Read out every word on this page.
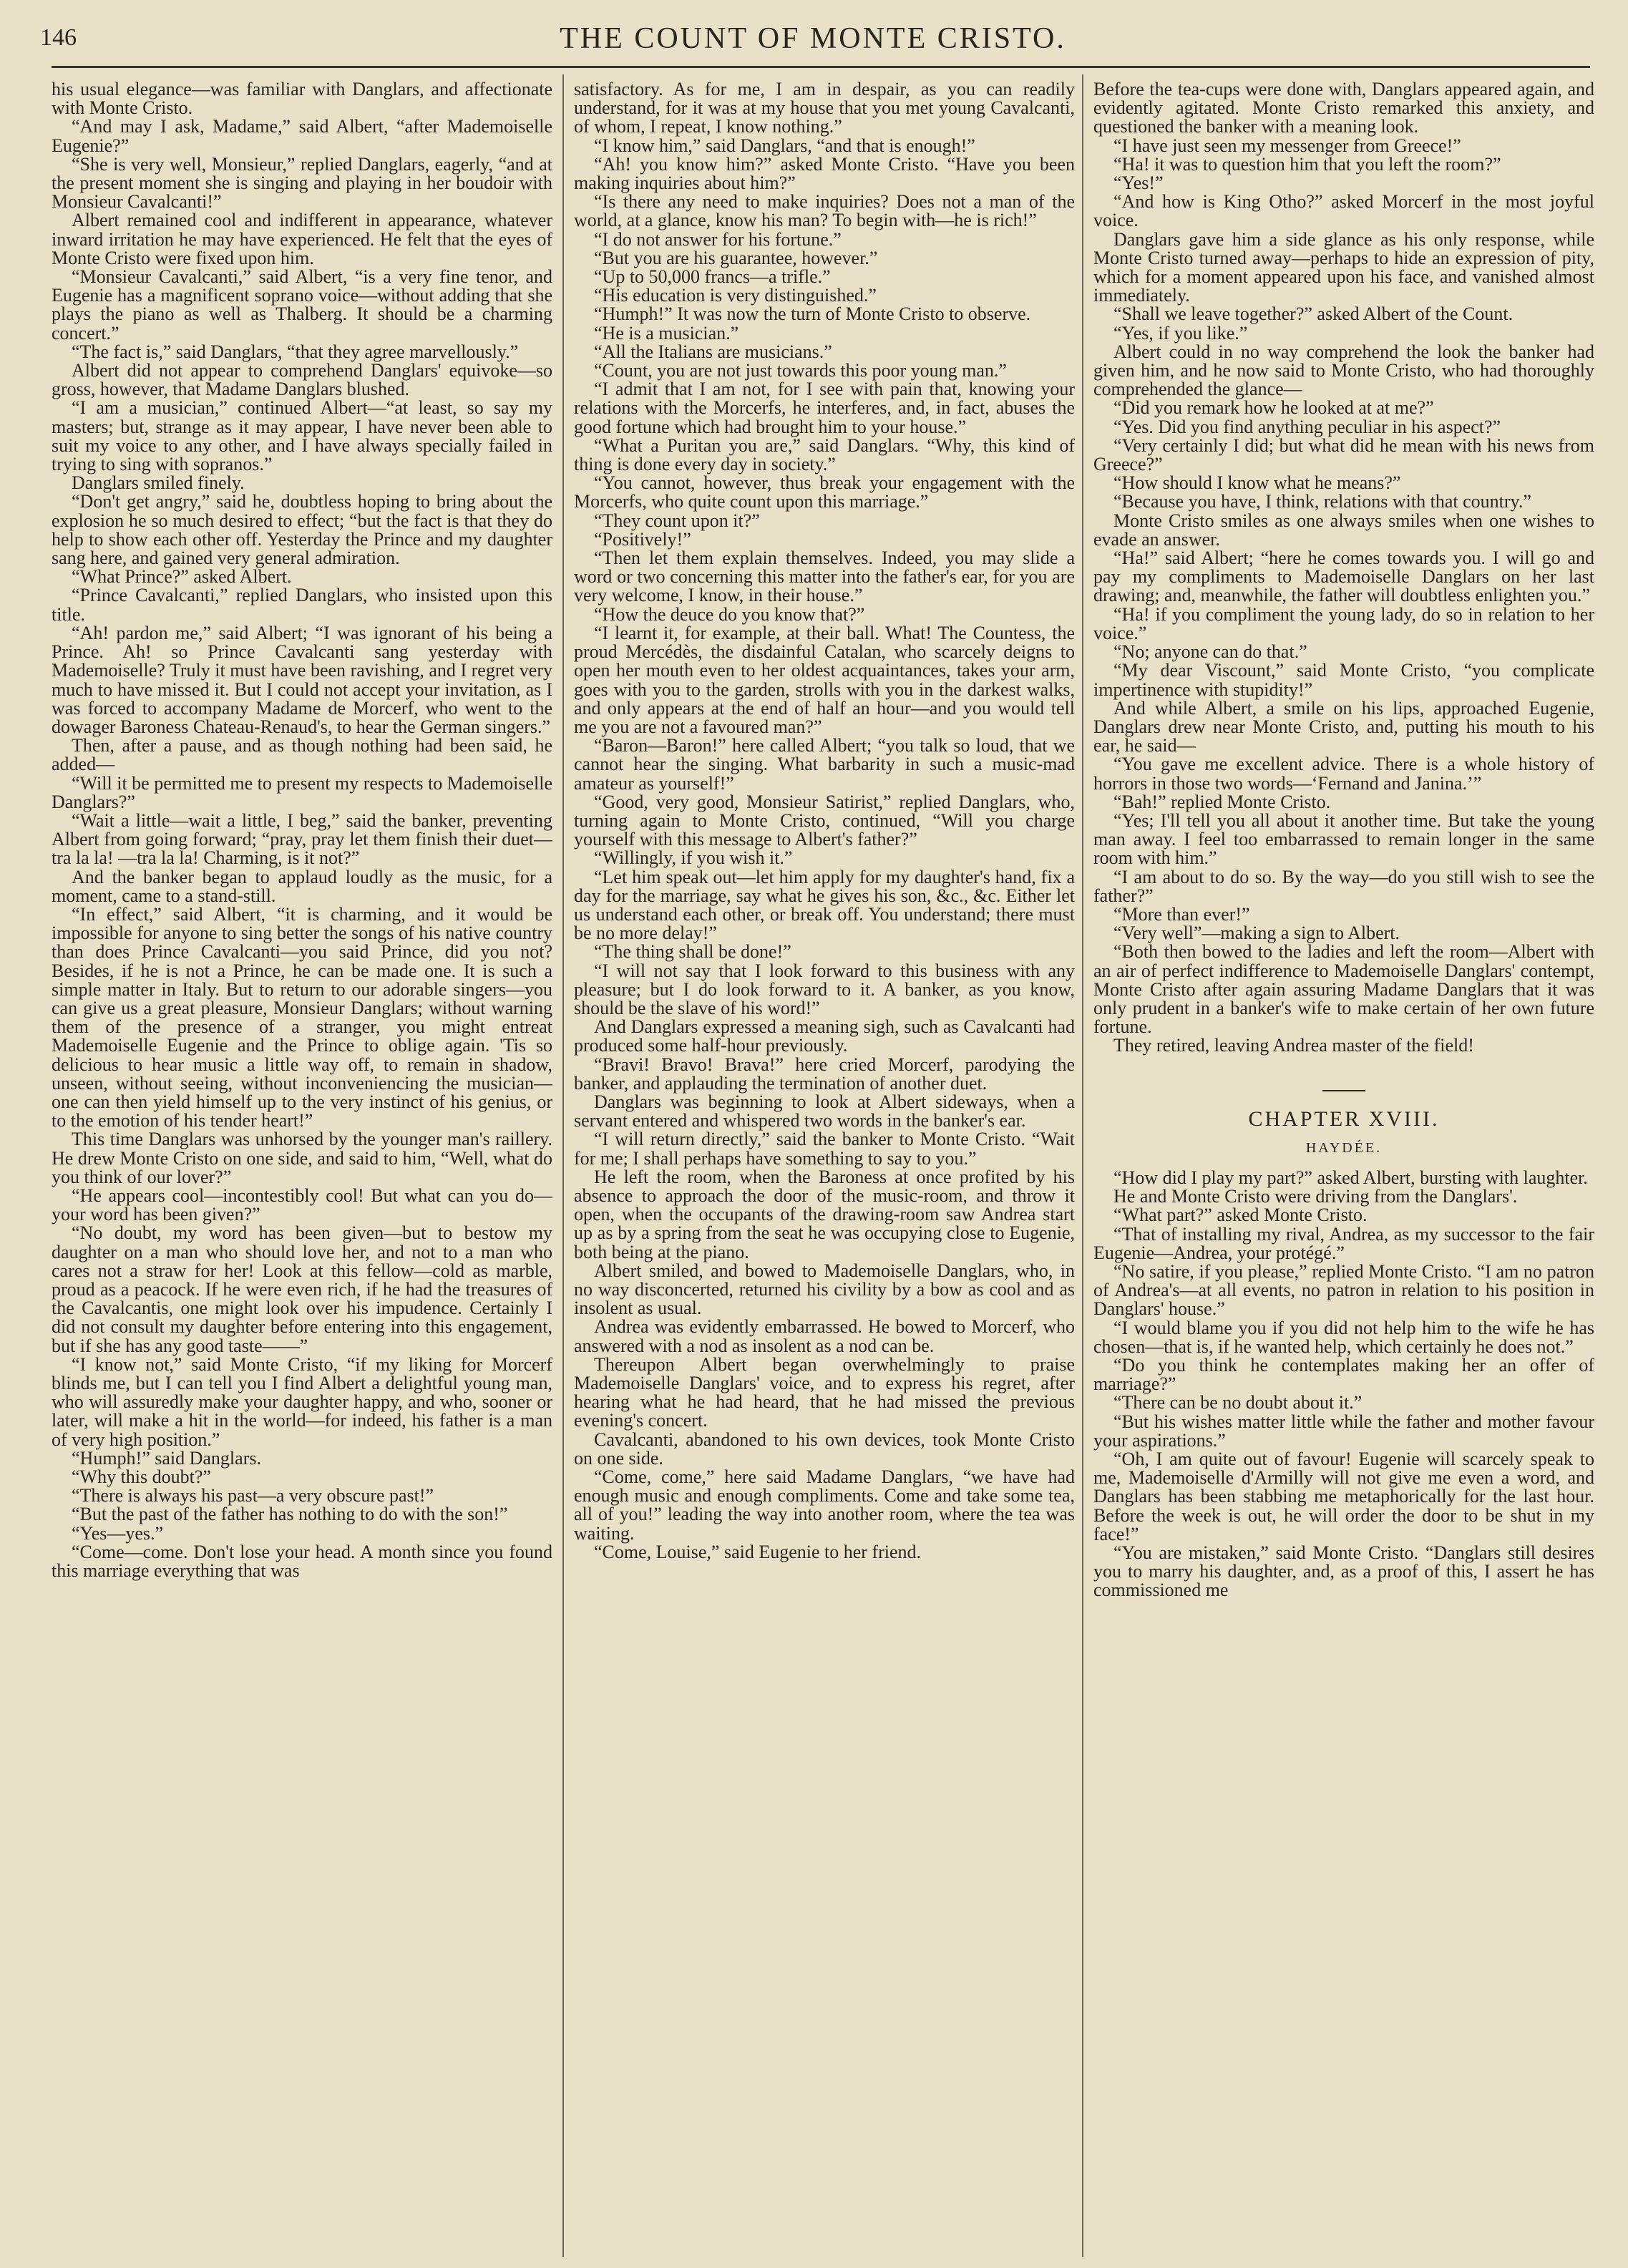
146	THE COUNT OF MONTE CRISTO.

his usual elegance—was familiar with Danglars, and affectionate with Monte Cristo.

“And may I ask, Madame,” said Albert, “after Mademoiselle Eugenie?”

“She is very well, Monsieur,” replied Danglars, eagerly, “and at the present moment she is singing and playing in her boudoir with Monsieur Cavalcanti!”

Albert remained cool and indifferent in appearance, whatever inward irritation he may have experienced. He felt that the eyes of Monte Cristo were fixed upon him.

“Monsieur Cavalcanti,” said Albert, “is a very fine tenor, and Eugenie has a magnificent soprano voice—without adding that she plays the piano as well as Thalberg. It should be a charming concert.”

“The fact is,” said Danglars, “that they agree marvellously.”

Albert did not appear to comprehend Danglars' equivoke—so gross, however, that Madame Danglars blushed.

“I am a musician,” continued Albert—“at least, so say my masters; but, strange as it may appear, I have never been able to suit my voice to any other, and I have always specially failed in trying to sing with sopranos.”

Danglars smiled finely.

“Don't get angry,” said he, doubtless hoping to bring about the explosion he so much desired to effect; “but the fact is that they do help to show each other off. Yesterday the Prince and my daughter sang here, and gained very general admiration.

“What Prince?” asked Albert.

“Prince Cavalcanti,” replied Danglars, who insisted upon this title.

“Ah! pardon me,” said Albert; “I was ignorant of his being a Prince. Ah! so Prince Cavalcanti sang yesterday with Mademoiselle? Truly it must have been ravishing, and I regret very much to have missed it. But I could not accept your invitation, as I was forced to accompany Madame de Morcerf, who went to the dowager Baroness Chateau-Renaud's, to hear the German singers.”

Then, after a pause, and as though nothing had been said, he added—

“Will it be permitted me to present my respects to Mademoiselle Danglars?”

“Wait a little—wait a little, I beg,” said the banker, preventing Albert from going forward; “pray, pray let them finish their duet—tra la la! —tra la la! Charming, is it not?”

And the banker began to applaud loudly as the music, for a moment, came to a stand-still.

“In effect,” said Albert, “it is charming, and it would be impossible for anyone to sing better the songs of his native country than does Prince Cavalcanti—you said Prince, did you not? Besides, if he is not a Prince, he can be made one. It is such a simple matter in Italy. But to return to our adorable singers—you can give us a great pleasure, Monsieur Danglars; without warning them of the presence of a stranger, you might entreat Mademoiselle Eugenie and the Prince to oblige again. 'Tis so delicious to hear music a little way off, to remain in shadow, unseen, without seeing, without inconveniencing the musician—one can then yield himself up to the very instinct of his genius, or to the emotion of his tender heart!”

This time Danglars was unhorsed by the younger man's raillery. He drew Monte Cristo on one side, and said to him, “Well, what do you think of our lover?”

“He appears cool—incontestibly cool! But what can you do—your word has been given?”

“No doubt, my word has been given—but to bestow my daughter on a man who should love her, and not to a man who cares not a straw for her! Look at this fellow—cold as marble, proud as a peacock. If he were even rich, if he had the treasures of the Cavalcantis, one might look over his impudence. Certainly I did not consult my daughter before entering into this engagement, but if she has any good taste——”

“I know not,” said Monte Cristo, “if my liking for Morcerf blinds me, but I can tell you I find Albert a delightful young man, who will assuredly make your daughter happy, and who, sooner or later, will make a hit in the world—for indeed, his father is a man of very high position.”

“Humph!” said Danglars.

“Why this doubt?”

“There is always his past—a very obscure past!”

“But the past of the father has nothing to do with the son!”

“Yes—yes.”

“Come—come. Don't lose your head. A month since you found this marriage everything that was

satisfactory. As for me, I am in despair, as you can readily understand, for it was at my house that you met young Cavalcanti, of whom, I repeat, I know nothing.”

“I know him,” said Danglars, “and that is enough!”

“Ah! you know him?” asked Monte Cristo. “Have you been making inquiries about him?”

“Is there any need to make inquiries? Does not a man of the world, at a glance, know his man? To begin with—he is rich!”

“I do not answer for his fortune.”

“But you are his guarantee, however.”

“Up to 50,000 francs—a trifle.”

“His education is very distinguished.”

“Humph!” It was now the turn of Monte Cristo to observe.

“He is a musician.”

“All the Italians are musicians.”

“Count, you are not just towards this poor young man.”

“I admit that I am not, for I see with pain that, knowing your relations with the Morcerfs, he interferes, and, in fact, abuses the good fortune which had brought him to your house.”

“What a Puritan you are,” said Danglars. “Why, this kind of thing is done every day in society.”

“You cannot, however, thus break your engagement with the Morcerfs, who quite count upon this marriage.”

“They count upon it?”

“Positively!”

“Then let them explain themselves. Indeed, you may slide a word or two concerning this matter into the father's ear, for you are very welcome, I know, in their house.”

“How the deuce do you know that?”

“I learnt it, for example, at their ball. What! The Countess, the proud Mercédès, the disdainful Catalan, who scarcely deigns to open her mouth even to her oldest acquaintances, takes your arm, goes with you to the garden, strolls with you in the darkest walks, and only appears at the end of half an hour—and you would tell me you are not a favoured man?”

“Baron—Baron!” here called Albert; “you talk so loud, that we cannot hear the singing. What barbarity in such a music-mad amateur as yourself!”

“Good, very good, Monsieur Satirist,” replied Danglars, who, turning again to Monte Cristo, continued, “Will you charge yourself with this message to Albert's father?”

“Willingly, if you wish it.”

“Let him speak out—let him apply for my daughter's hand, fix a day for the marriage, say what he gives his son, &c., &c. Either let us understand each other, or break off. You understand; there must be no more delay!”

“The thing shall be done!”

“I will not say that I look forward to this business with any pleasure; but I do look forward to it. A banker, as you know, should be the slave of his word!”

And Danglars expressed a meaning sigh, such as Cavalcanti had produced some half-hour previously.

“Bravi! Bravo! Brava!” here cried Morcerf, parodying the banker, and applauding the termination of another duet.

Danglars was beginning to look at Albert sideways, when a servant entered and whispered two words in the banker's ear.

“I will return directly,” said the banker to Monte Cristo. “Wait for me; I shall perhaps have something to say to you.”

He left the room, when the Baroness at once profited by his absence to approach the door of the music-room, and throw it open, when the occupants of the drawing-room saw Andrea start up as by a spring from the seat he was occupying close to Eugenie, both being at the piano.

Albert smiled, and bowed to Mademoiselle Danglars, who, in no way disconcerted, returned his civility by a bow as cool and as insolent as usual.

Andrea was evidently embarrassed. He bowed to Morcerf, who answered with a nod as insolent as a nod can be.

Thereupon Albert began overwhelmingly to praise Mademoiselle Danglars' voice, and to express his regret, after hearing what he had heard, that he had missed the previous evening's concert.

Cavalcanti, abandoned to his own devices, took Monte Cristo on one side.

“Come, come,” here said Madame Danglars, “we have had enough music and enough compliments. Come and take some tea, all of you!” leading the way into another room, where the tea was waiting.

“Come, Louise,” said Eugenie to her friend.

Before the tea-cups were done with, Danglars appeared again, and evidently agitated. Monte Cristo remarked this anxiety, and questioned the banker with a meaning look.

“I have just seen my messenger from Greece!”

“Ha! it was to question him that you left the room?”

“Yes!”

“And how is King Otho?” asked Morcerf in the most joyful voice.

Danglars gave him a side glance as his only response, while Monte Cristo turned away—perhaps to hide an expression of pity, which for a moment appeared upon his face, and vanished almost immediately.

“Shall we leave together?” asked Albert of the Count.

“Yes, if you like.”

Albert could in no way comprehend the look the banker had given him, and he now said to Monte Cristo, who had thoroughly comprehended the glance—

“Did you remark how he looked at at me?”

“Yes. Did you find anything peculiar in his aspect?”

“Very certainly I did; but what did he mean with his news from Greece?”

“How should I know what he means?”

“Because you have, I think, relations with that country.”

Monte Cristo smiles as one always smiles when one wishes to evade an answer.

“Ha!” said Albert; “here he comes towards you. I will go and pay my compliments to Mademoiselle Danglars on her last drawing; and, meanwhile, the father will doubtless enlighten you.”

“Ha! if you compliment the young lady, do so in relation to her voice.”

“No; anyone can do that.”

“My dear Viscount,” said Monte Cristo, “you complicate impertinence with stupidity!”

And while Albert, a smile on his lips, approached Eugenie, Danglars drew near Monte Cristo, and, putting his mouth to his ear, he said—

“You gave me excellent advice. There is a whole history of horrors in those two words—‘Fernand and Janina.’”

“Bah!” replied Monte Cristo.

“Yes; I'll tell you all about it another time. But take the young man away. I feel too embarrassed to remain longer in the same room with him.”

“I am about to do so. By the way—do you still wish to see the father?”

“More than ever!”

“Very well”—making a sign to Albert.

“Both then bowed to the ladies and left the room—Albert with an air of perfect indifference to Mademoiselle Danglars' contempt, Monte Cristo after again assuring Madame Danglars that it was only prudent in a banker's wife to make certain of her own future fortune.

They retired, leaving Andrea master of the field!

CHAPTER XVIII.
HAYDÉE.

“How did I play my part?” asked Albert, bursting with laughter.

He and Monte Cristo were driving from the Danglars'.

“What part?” asked Monte Cristo.

“That of installing my rival, Andrea, as my successor to the fair Eugenie—Andrea, your protégé.”

“No satire, if you please,” replied Monte Cristo. “I am no patron of Andrea's—at all events, no patron in relation to his position in Danglars' house.”

“I would blame you if you did not help him to the wife he has chosen—that is, if he wanted help, which certainly he does not.”

“Do you think he contemplates making her an offer of marriage?”

“There can be no doubt about it.”

“But his wishes matter little while the father and mother favour your aspirations.”

“Oh, I am quite out of favour! Eugenie will scarcely speak to me, Mademoiselle d'Armilly will not give me even a word, and Danglars has been stabbing me metaphorically for the last hour. Before the week is out, he will order the door to be shut in my face!”

“You are mistaken,” said Monte Cristo. “Danglars still desires you to marry his daughter, and, as a proof of this, I assert he has commissioned me
